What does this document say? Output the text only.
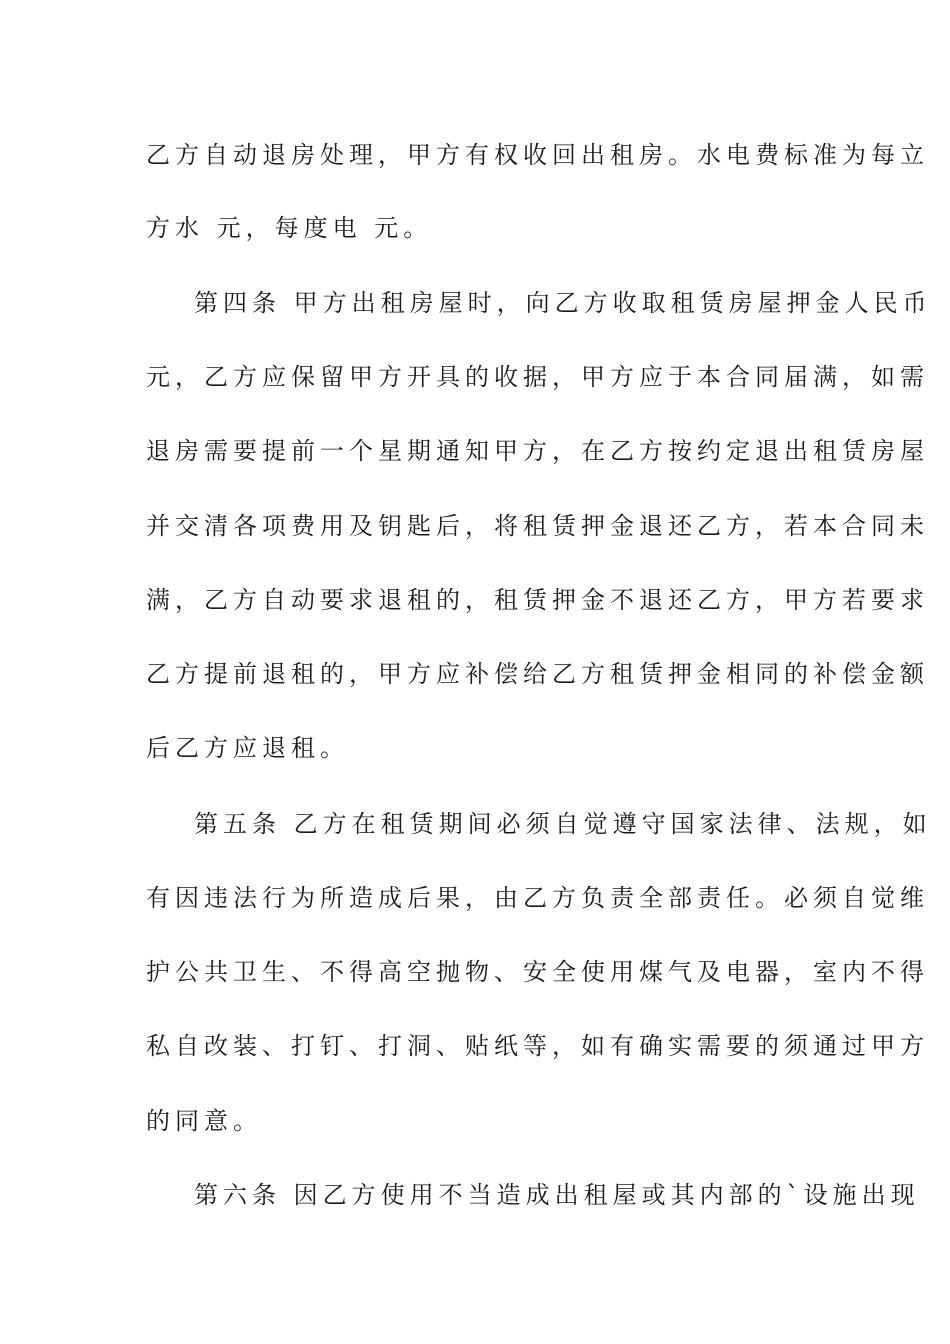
乙方自动退房处理，甲方有权收回出租房。水电费标准为每立
方水 元，每度电 元。
第四条 甲方出租房屋时，向乙方收取租赁房屋押金人民币
元，乙方应保留甲方开具的收据，甲方应于本合同届满，如需
退房需要提前一个星期通知甲方，在乙方按约定退出租赁房屋
并交清各项费用及钥匙后，将租赁押金退还乙方，若本合同未
满，乙方自动要求退租的，租赁押金不退还乙方，甲方若要求
乙方提前退租的，甲方应补偿给乙方租赁押金相同的补偿金额
后乙方应退租。
第五条 乙方在租赁期间必须自觉遵守国家法律、法规，如
有因违法行为所造成后果，由乙方负责全部责任。必须自觉维
护公共卫生、不得高空抛物、安全使用煤气及电器，室内不得
私自改装、打钉、打洞、贴纸等，如有确实需要的须通过甲方
的同意。
第六条 因乙方使用不当造成出租屋或其内部的`设施出现
